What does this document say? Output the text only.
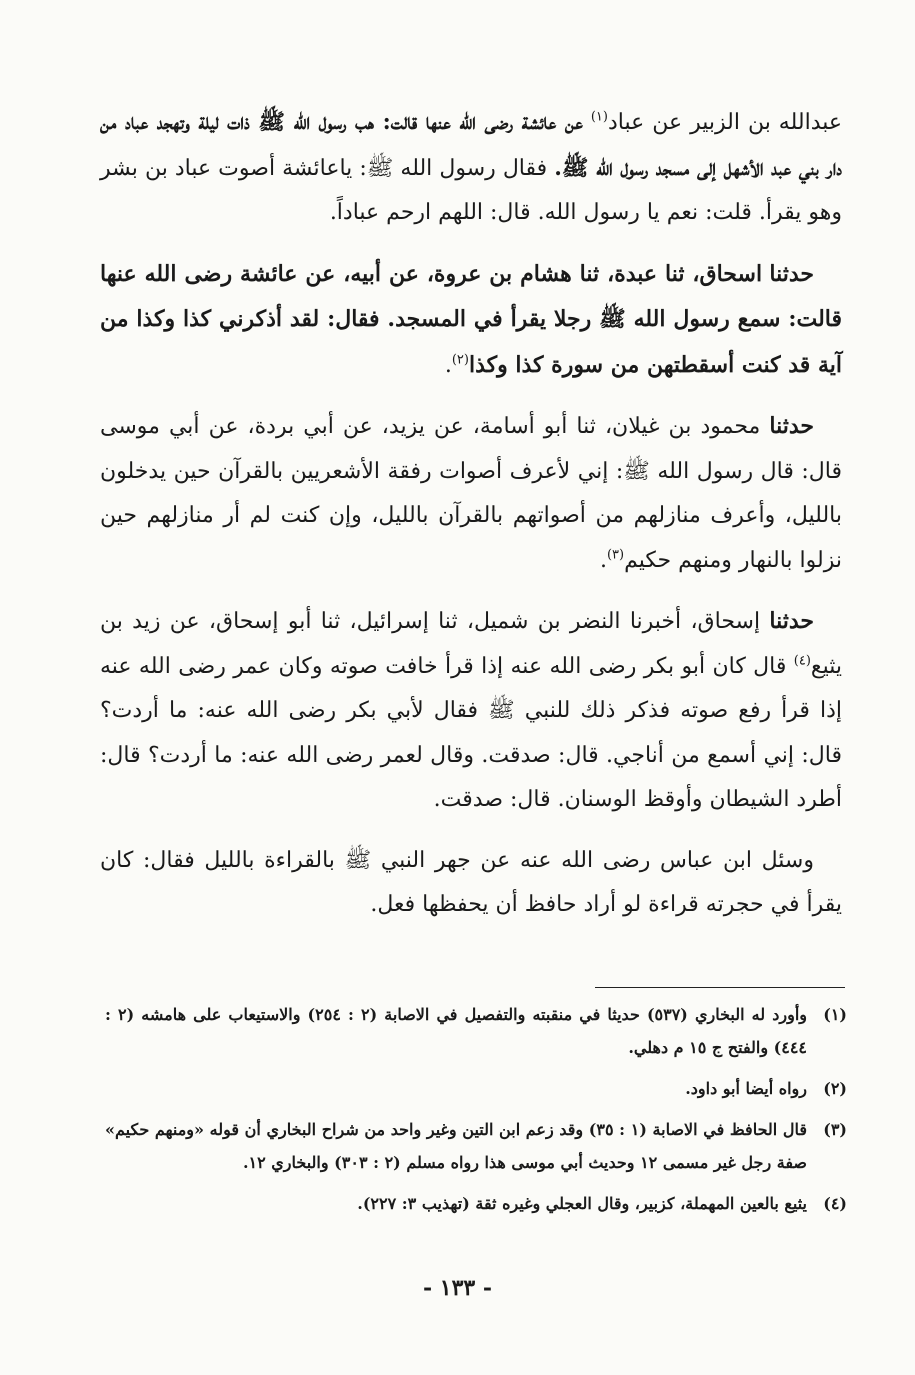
عبدالله بن الزبير عن عباد$^{(١)}$ عن عائشة رضى الله عنها قالت: هب رسول الله ﷺ ذات ليلة وتهجد عباد من دار بني عبد الأشهل إلى مسجد رسول الله ﷺ. فقال رسول الله ﷺ: ياعائشة أصوت عباد بن بشر وهو يقرأ. قلت: نعم يا رسول الله. قال: اللهم ارحم عباداً.

حدثنا اسحاق، ثنا عبدة، ثنا هشام بن عروة، عن أبيه، عن عائشة رضى الله عنها قالت: سمع رسول الله ﷺ رجلا يقرأ في المسجد. فقال: لقد أذكرني كذا وكذا من آية قد كنت أسقطتهن من سورة كذا وكذا$^{(٢)}$.

حدثنا محمود بن غيلان، ثنا أبو أسامة، عن يزيد، عن أبي بردة، عن أبي موسى قال: قال رسول الله ﷺ: إني لأعرف أصوات رفقة الأشعريين بالقرآن حين يدخلون بالليل، وأعرف منازلهم من أصواتهم بالقرآن بالليل، وإن كنت لم أر منازلهم حين نزلوا بالنهار ومنهم حكيم$^{(٣)}$.

حدثنا إسحاق، أخبرنا النضر بن شميل، ثنا إسرائيل، ثنا أبو إسحاق، عن زيد بن يثيع$^{(٤)}$ قال كان أبو بكر رضى الله عنه إذا قرأ خافت صوته وكان عمر رضى الله عنه إذا قرأ رفع صوته فذكر ذلك للنبي ﷺ فقال لأبي بكر رضى الله عنه: ما أردت؟ قال: إني أسمع من أناجي. قال: صدقت. وقال لعمر رضى الله عنه: ما أردت؟ قال: أطرد الشيطان وأوقظ الوسنان. قال: صدقت.

وسئل ابن عباس رضى الله عنه عن جهر النبي ﷺ بالقراءة بالليل فقال: كان يقرأ في حجرته قراءة لو أراد حافظ أن يحفظها فعل.

(١)
وأورد له البخاري (٥٣٧) حديثا في منقبته والتفصيل في الاصابة (٢ : ٢٥٤) والاستيعاب على هامشه (٢ : ٤٤٤) والفتح ج ١٥ م دهلي.
(٢)
رواه أيضا أبو داود.
(٣)
قال الحافظ في الاصابة (١ : ٣٥) وقد زعم ابن التين وغير واحد من شراح البخاري أن قوله «ومنهم حكيم» صفة رجل غير مسمى ١٢ وحديث أبي موسى هذا رواه مسلم (٢ : ٣٠٣) والبخاري ١٢.
(٤)
يثيع بالعين المهملة، كزبير، وقال العجلي وغيره ثقة (تهذيب ٣: ٢٢٧).
- ١٣٣ -
